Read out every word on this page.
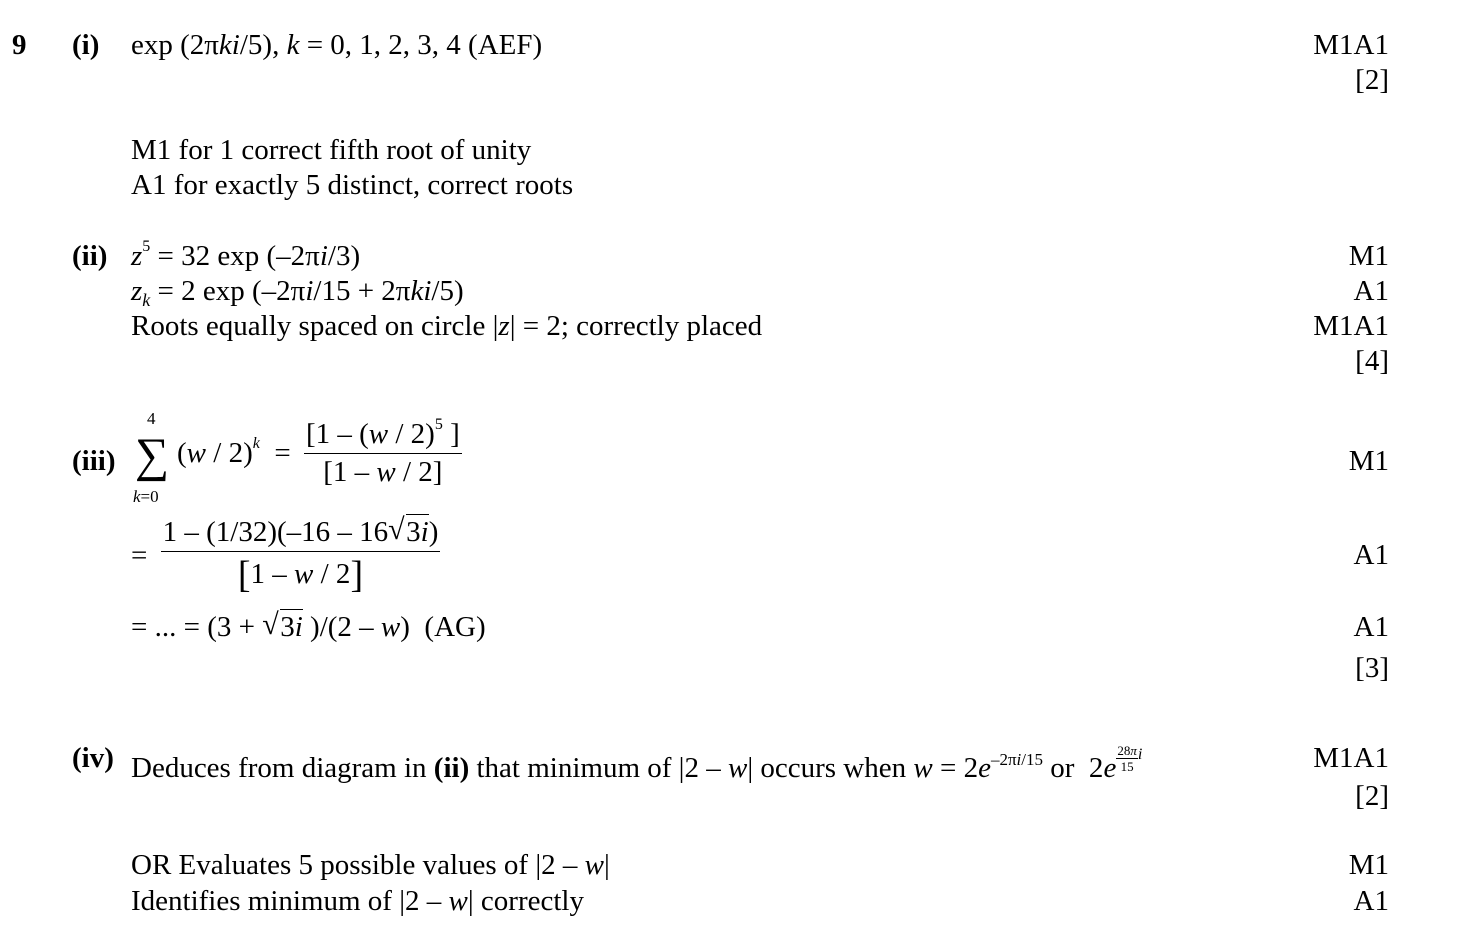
9 (i) exp (2πki/5), k = 0, 1, 2, 3, 4 (AEF)	M1A1
[2]
M1 for 1 correct fifth root of unity
A1 for exactly 5 distinct, correct roots
(ii) $z^5 = 32$ exp (–2πi/3)	M1
$z_k = 2$ exp (–2πi/15 + 2πki/5)	A1
Roots equally spaced on circle |z| = 2; correctly placed	M1A1
[4]
(iii)
4
∑
k=0
$(w / 2)^k = \frac{[1 - (w / 2)^5 ]}{[1 - w / 2]}$	M1
= $\frac{1 - (1/32)(-16 - 16√ 3i)}{[1 - w / 2]}$	A1
= ... = (3 + √ 3i )/(2 – w)  (AG)	A1
[3]
(iv) Deduces from diagram in (ii) that minimum of |2 – w| occurs when $w = 2e^{-2\pi i/15}$ or  $2e \frac{28\pi}{15} ^i$	M1A1
[2]
OR Evaluates 5 possible values of |2 – w|	M1
Identifies minimum of |2 – w| correctly	A1
